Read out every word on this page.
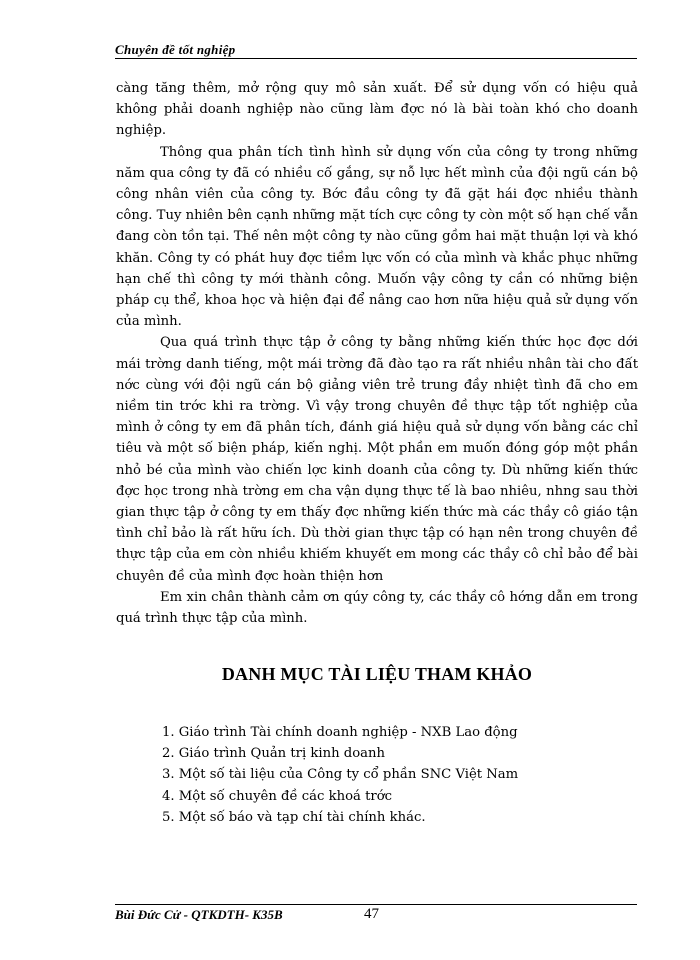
Chuyên đề tốt nghiệp

càng tăng thêm, mở rộng quy mô sản xuất. Để sử dụng vốn có hiệu quả không phải doanh nghiệp nào cũng làm đợc nó là bài toàn khó cho doanh nghiệp.

Thông qua phân tích tình hình sử dụng vốn của công ty trong những năm qua công ty đã có nhiều cố gắng, sự nỗ lực hết mình của đội ngũ cán bộ công nhân viên của công ty. Bớc đầu công ty đã gặt hái đợc nhiều thành công. Tuy nhiên bên cạnh những mặt tích cực công ty còn một số hạn chế vẫn đang còn tồn tại. Thế nên một công ty nào cũng gồm hai mặt thuận lợi và khó khăn. Công ty có phát huy đợc tiềm lực vốn có của mình và khắc phục những hạn chế thì công ty mới thành công. Muốn vậy công ty cần có những biện pháp cụ thể, khoa học và hiện đại để nâng cao hơn nữa hiệu quả sử dụng vốn của mình.

Qua quá trình thực tập ở công ty bằng những kiến thức học đợc dới mái trờng danh tiếng, một mái trờng đã đào tạo ra rất nhiều nhân tài cho đất nớc cùng với đội ngũ cán bộ giảng viên trẻ trung đầy nhiệt tình đã cho em niềm tin trớc khi ra trờng. Vì vậy trong chuyên đề thực tập tốt nghiệp của mình ở công ty em đã phân tích, đánh giá hiệu quả sử dụng vốn bằng các chỉ tiêu và một số biện pháp, kiến nghị. Một phần em muốn đóng góp một phần nhỏ bé của mình vào chiến lợc kinh doanh của công ty. Dù những kiến thức đợc học trong nhà trờng em cha vận dụng thực tế là bao nhiêu, nhng sau thời gian thực tập ở công ty em thấy đợc những kiến thức mà các thầy cô giáo tận tình chỉ bảo là rất hữu ích. Dù thời gian thực tập có hạn nên trong chuyên đề thực tập của em còn nhiều khiếm khuyết em mong các thầy cô chỉ bảo để bài chuyên đề của mình đợc hoàn thiện hơn

Em xin chân thành cảm ơn qúy công ty, các thầy cô hớng dẫn em trong quá trình thực tập của mình.

DANH MỤC TÀI LIỆU THAM KHẢO
1. Giáo trình Tài chính doanh nghiệp - NXB Lao động
2. Giáo trình Quản trị kinh doanh
3. Một số tài liệu của Công ty cổ phần SNC Việt Nam
4. Một số chuyên đề các khoá trớc
5. Một số báo và tạp chí tài chính khác.
Bùi Đức Cử - QTKDTH- K35B	47
